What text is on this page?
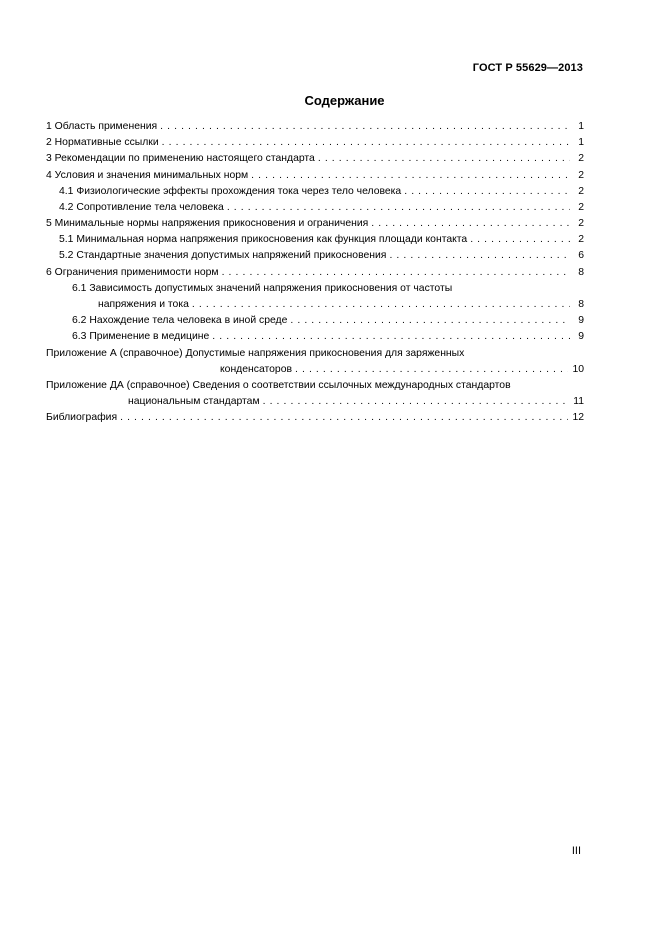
ГОСТ Р 55629—2013
Содержание
1 Область применения . . .	1
2 Нормативные ссылки . . .	1
3 Рекомендации по применению настоящего стандарта . . .	2
4 Условия и значения минимальных норм . . .	2
4.1 Физиологические эффекты прохождения тока через тело человека . . .	2
4.2 Сопротивление тела человека . . .	2
5 Минимальные нормы напряжения прикосновения и ограничения . . .	2
5.1 Минимальная норма напряжения прикосновения как функция площади контакта . . .	2
5.2 Стандартные значения допустимых напряжений прикосновения . . .	6
6 Ограничения применимости норм . . .	8
6.1 Зависимость допустимых значений напряжения прикосновения от частоты
напряжения и тока . . .	8
6.2 Нахождение тела человека в иной среде . . .	9
6.3 Применение в медицине . . .	9
Приложение А (справочное) Допустимые напряжения прикосновения для заряженных
конденсаторов . . .	10
Приложение ДА (справочное) Сведения о соответствии ссылочных международных стандартов
национальным стандартам . . .	11
Библиография . . .	12
III
